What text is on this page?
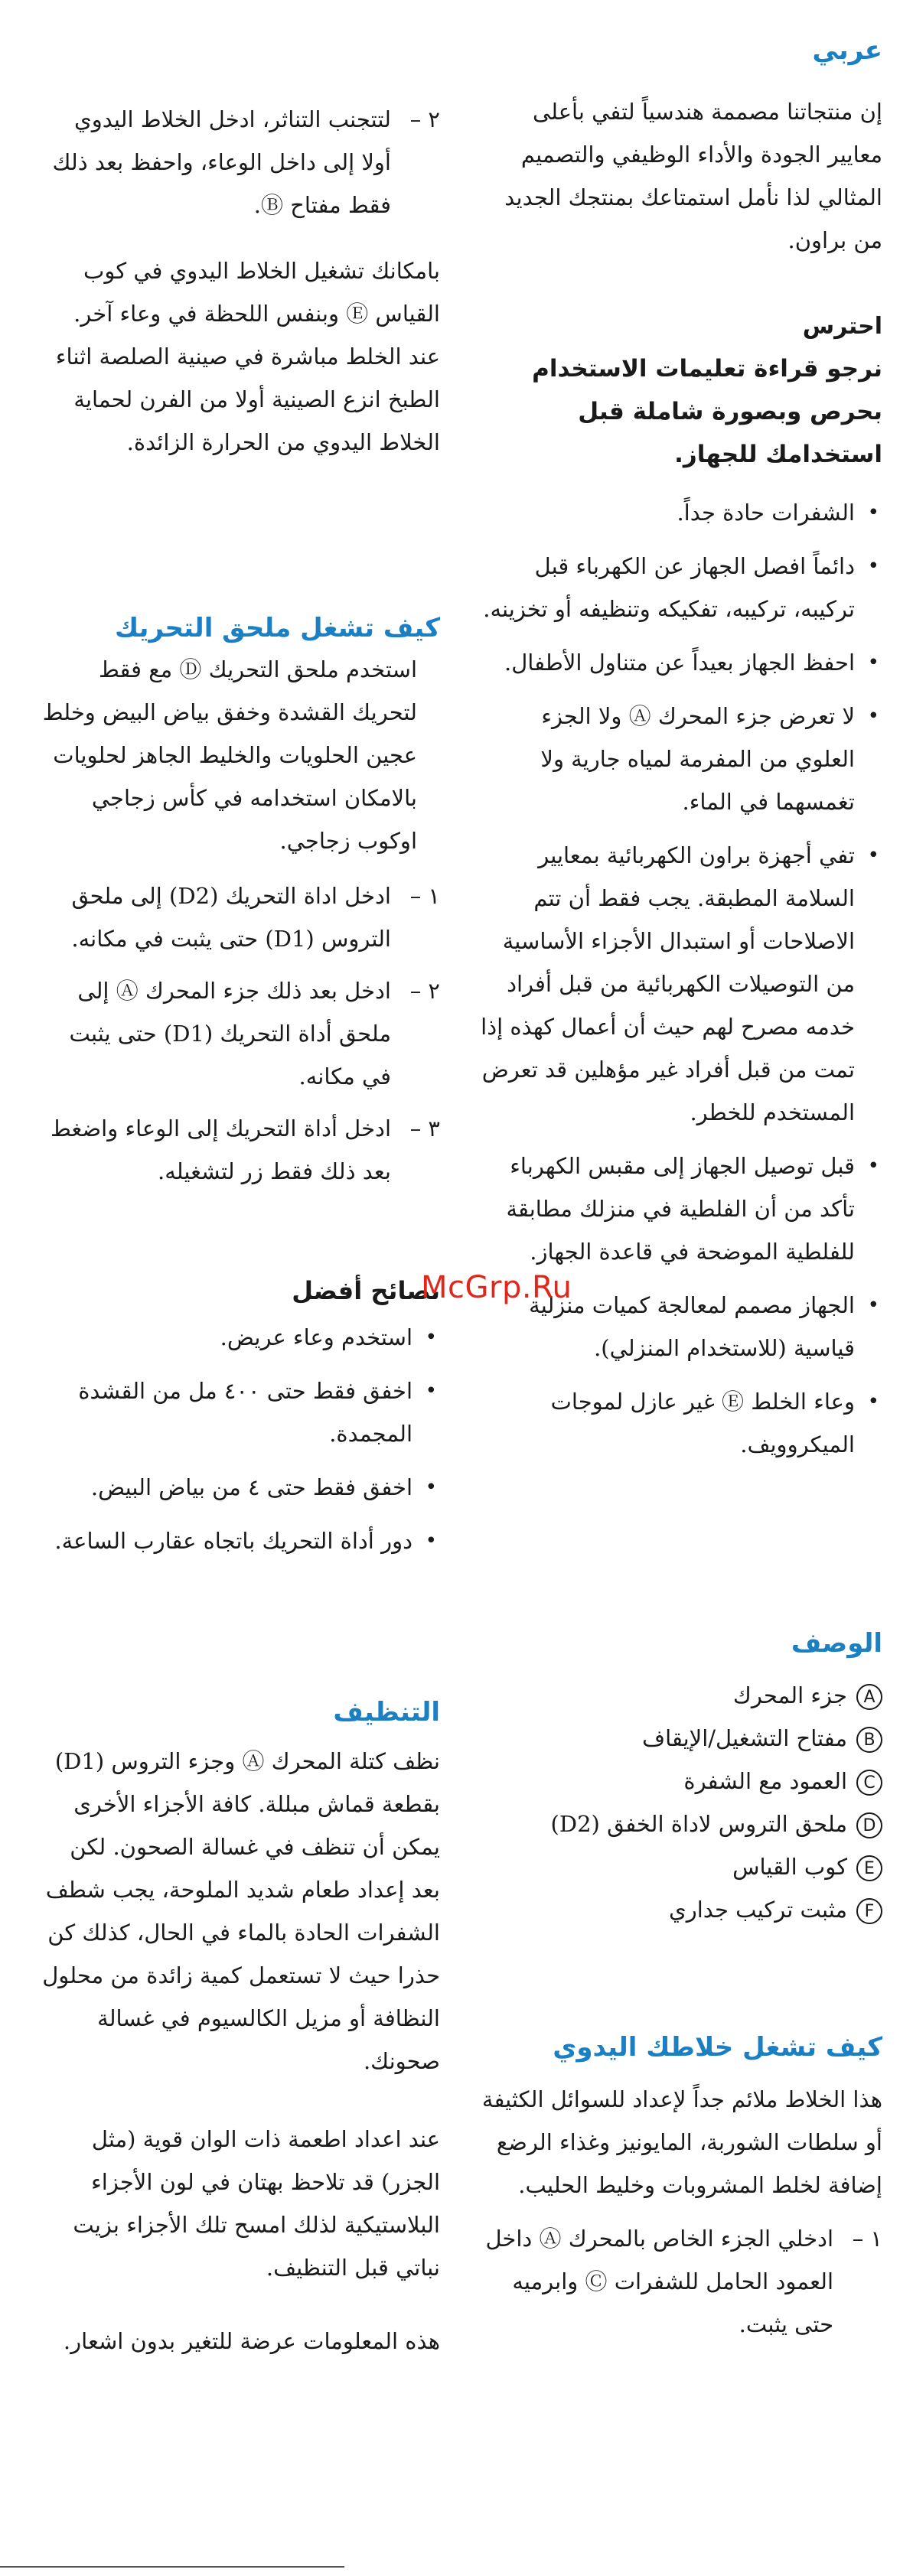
عربي

إن منتجاتنا مصممة هندسياً لتفي بأعلى معايير الجودة والأداء الوظيفي والتصميم المثالي لذا نأمل استمتاعك بمنتجك الجديد من براون.

احترس
نرجو قراءة تعليمات الاستخدام بحرص وبصورة شاملة قبل استخدامك للجهاز.
•
الشفرات حادة جداً.
•
دائماً افصل الجهاز عن الكهرباء قبل تركيبه، تركيبه، تفكيكه وتنظيفه أو تخزينه.
•
احفظ الجهاز بعيداً عن متناول الأطفال.
•
لا تعرض جزء المحرك Ⓐ ولا الجزء العلوي من المفرمة لمياه جارية ولا تغمسهما في الماء.
•
تفي أجهزة براون الكهربائية بمعايير السلامة المطبقة. يجب فقط أن تتم الاصلاحات أو استبدال الأجزاء الأساسية من التوصيلات الكهربائية من قبل أفراد خدمه مصرح لهم حيث أن أعمال كهذه إذا تمت من قبل أفراد غير مؤهلين قد تعرض المستخدم للخطر.
•
قبل توصيل الجهاز إلى مقبس الكهرباء تأكد من أن الفلطية في منزلك مطابقة للفلطية الموضحة في قاعدة الجهاز.
•
الجهاز مصمم لمعالجة كميات منزلية قياسية (للاستخدام المنزلي).
•
وعاء الخلط Ⓔ غير عازل لموجات الميكروويف.
الوصف
Aجزء المحرك
Bمفتاح التشغيل/الإيقاف
Cالعمود مع الشفرة
Dملحق التروس لاداة الخفق (D2)
Eكوب القياس
Fمثبت تركيب جداري
كيف تشغل خلاطك اليدوي

هذا الخلاط ملائم جداً لإعداد للسوائل الكثيفة أو سلطات الشوربة، المايونيز وغذاء الرضع إضافة لخلط المشروبات وخليط الحليب.

١ –
ادخلي الجزء الخاص بالمحرك Ⓐ داخل العمود الحامل للشفرات Ⓒ وابرميه حتى يثبت.
٢ –
لتتجنب التناثر، ادخل الخلاط اليدوي أولا إلى داخل الوعاء، واحفظ بعد ذلك فقط مفتاح Ⓑ.

بامكانك تشغيل الخلاط اليدوي في كوب القياس Ⓔ وبنفس اللحظة في وعاء آخر. عند الخلط مباشرة في صينية الصلصة اثناء الطبخ انزع الصينية أولا من الفرن لحماية الخلاط اليدوي من الحرارة الزائدة.

كيف تشغل ملحق التحريك

استخدم ملحق التحريك Ⓓ مع فقط لتحريك القشدة وخفق بياض البيض وخلط عجين الحلويات والخليط الجاهز لحلويات بالامكان استخدامه في كأس زجاجي اوكوب زجاجي.

١ –
ادخل اداة التحريك (D2) إلى ملحق التروس (D1) حتى يثبت في مكانه.
٢ –
ادخل بعد ذلك جزء المحرك Ⓐ إلى ملحق أداة التحريك (D1) حتى يثبت في مكانه.
٣ –
ادخل أداة التحريك إلى الوعاء واضغط بعد ذلك فقط زر لتشغيله.
نصائح أفضل
•
استخدم وعاء عريض.
•
اخفق فقط حتى ٤٠٠ مل من القشدة المجمدة.
•
اخفق فقط حتى ٤ من بياض البيض.
•
دور أداة التحريك باتجاه عقارب الساعة.
التنظيف

نظف كتلة المحرك Ⓐ وجزء التروس (D1) بقطعة قماش مبللة. كافة الأجزاء الأخرى يمكن أن تنظف في غسالة الصحون. لكن بعد إعداد طعام شديد الملوحة، يجب شطف الشفرات الحادة بالماء في الحال، كذلك كن حذرا حيث لا تستعمل كمية زائدة من محلول النظافة أو مزيل الكالسيوم في غسالة صحونك.

عند اعداد اطعمة ذات الوان قوية (مثل الجزر) قد تلاحظ بهتان في لون الأجزاء البلاستيكية لذلك امسح تلك الأجزاء بزيت نباتي قبل التنظيف.

هذه المعلومات عرضة للتغير بدون اشعار.

McGrp.Ru
